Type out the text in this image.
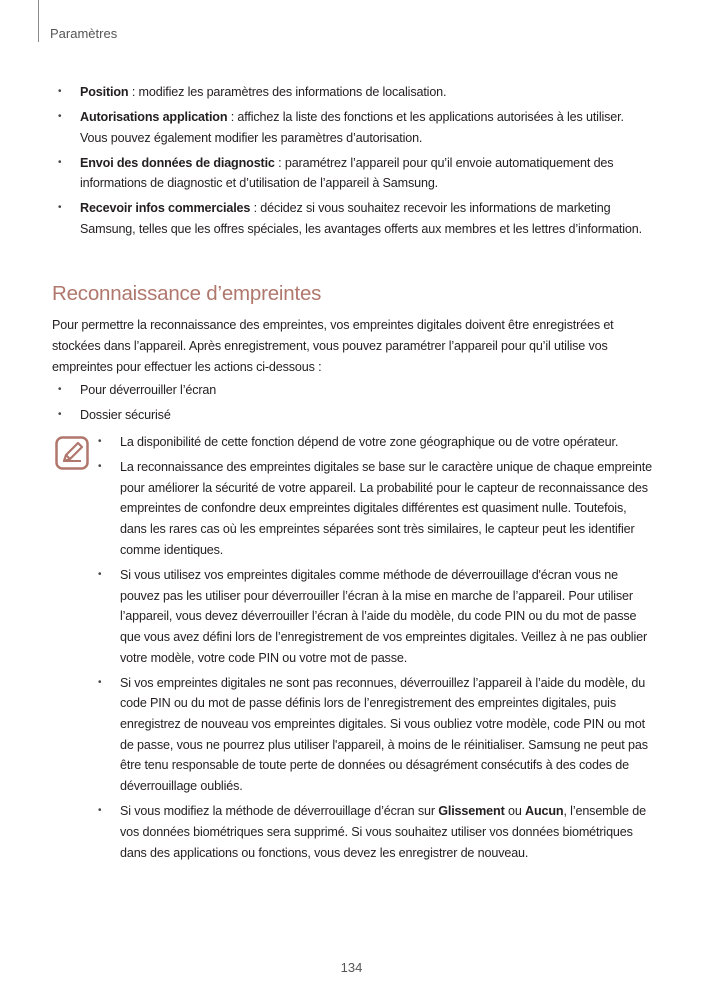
Paramètres
• Position : modifiez les paramètres des informations de localisation.
• Autorisations application : affichez la liste des fonctions et les applications autorisées à les utiliser. Vous pouvez également modifier les paramètres d’autorisation.
• Envoi des données de diagnostic : paramétrez l’appareil pour qu’il envoie automatiquement des informations de diagnostic et d’utilisation de l’appareil à Samsung.
• Recevoir infos commerciales : décidez si vous souhaitez recevoir les informations de marketing Samsung, telles que les offres spéciales, les avantages offerts aux membres et les lettres d’information.
Reconnaissance d’empreintes

Pour permettre la reconnaissance des empreintes, vos empreintes digitales doivent être enregistrées et stockées dans l’appareil. Après enregistrement, vous pouvez paramétrer l’appareil pour qu’il utilise vos empreintes pour effectuer les actions ci-dessous :

• Pour déverrouiller l’écran
• Dossier sécurisé
• La disponibilité de cette fonction dépend de votre zone géographique ou de votre opérateur.
• La reconnaissance des empreintes digitales se base sur le caractère unique de chaque empreinte pour améliorer la sécurité de votre appareil. La probabilité pour le capteur de reconnaissance des empreintes de confondre deux empreintes digitales différentes est quasiment nulle. Toutefois, dans les rares cas où les empreintes séparées sont très similaires, le capteur peut les identifier comme identiques.
• Si vous utilisez vos empreintes digitales comme méthode de déverrouillage d'écran vous ne pouvez pas les utiliser pour déverrouiller l’écran à la mise en marche de l’appareil. Pour utiliser l’appareil, vous devez déverrouiller l’écran à l’aide du modèle, du code PIN ou du mot de passe que vous avez défini lors de l’enregistrement de vos empreintes digitales. Veillez à ne pas oublier votre modèle, votre code PIN ou votre mot de passe.
• Si vos empreintes digitales ne sont pas reconnues, déverrouillez l’appareil à l’aide du modèle, du code PIN ou du mot de passe définis lors de l’enregistrement des empreintes digitales, puis enregistrez de nouveau vos empreintes digitales. Si vous oubliez votre modèle, code PIN ou mot de passe, vous ne pourrez plus utiliser l'appareil, à moins de le réinitialiser. Samsung ne peut pas être tenu responsable de toute perte de données ou désagrément consécutifs à des codes de déverrouillage oubliés.
• Si vous modifiez la méthode de déverrouillage d’écran sur Glissement ou Aucun, l’ensemble de vos données biométriques sera supprimé. Si vous souhaitez utiliser vos données biométriques dans des applications ou fonctions, vous devez les enregistrer de nouveau.
134
